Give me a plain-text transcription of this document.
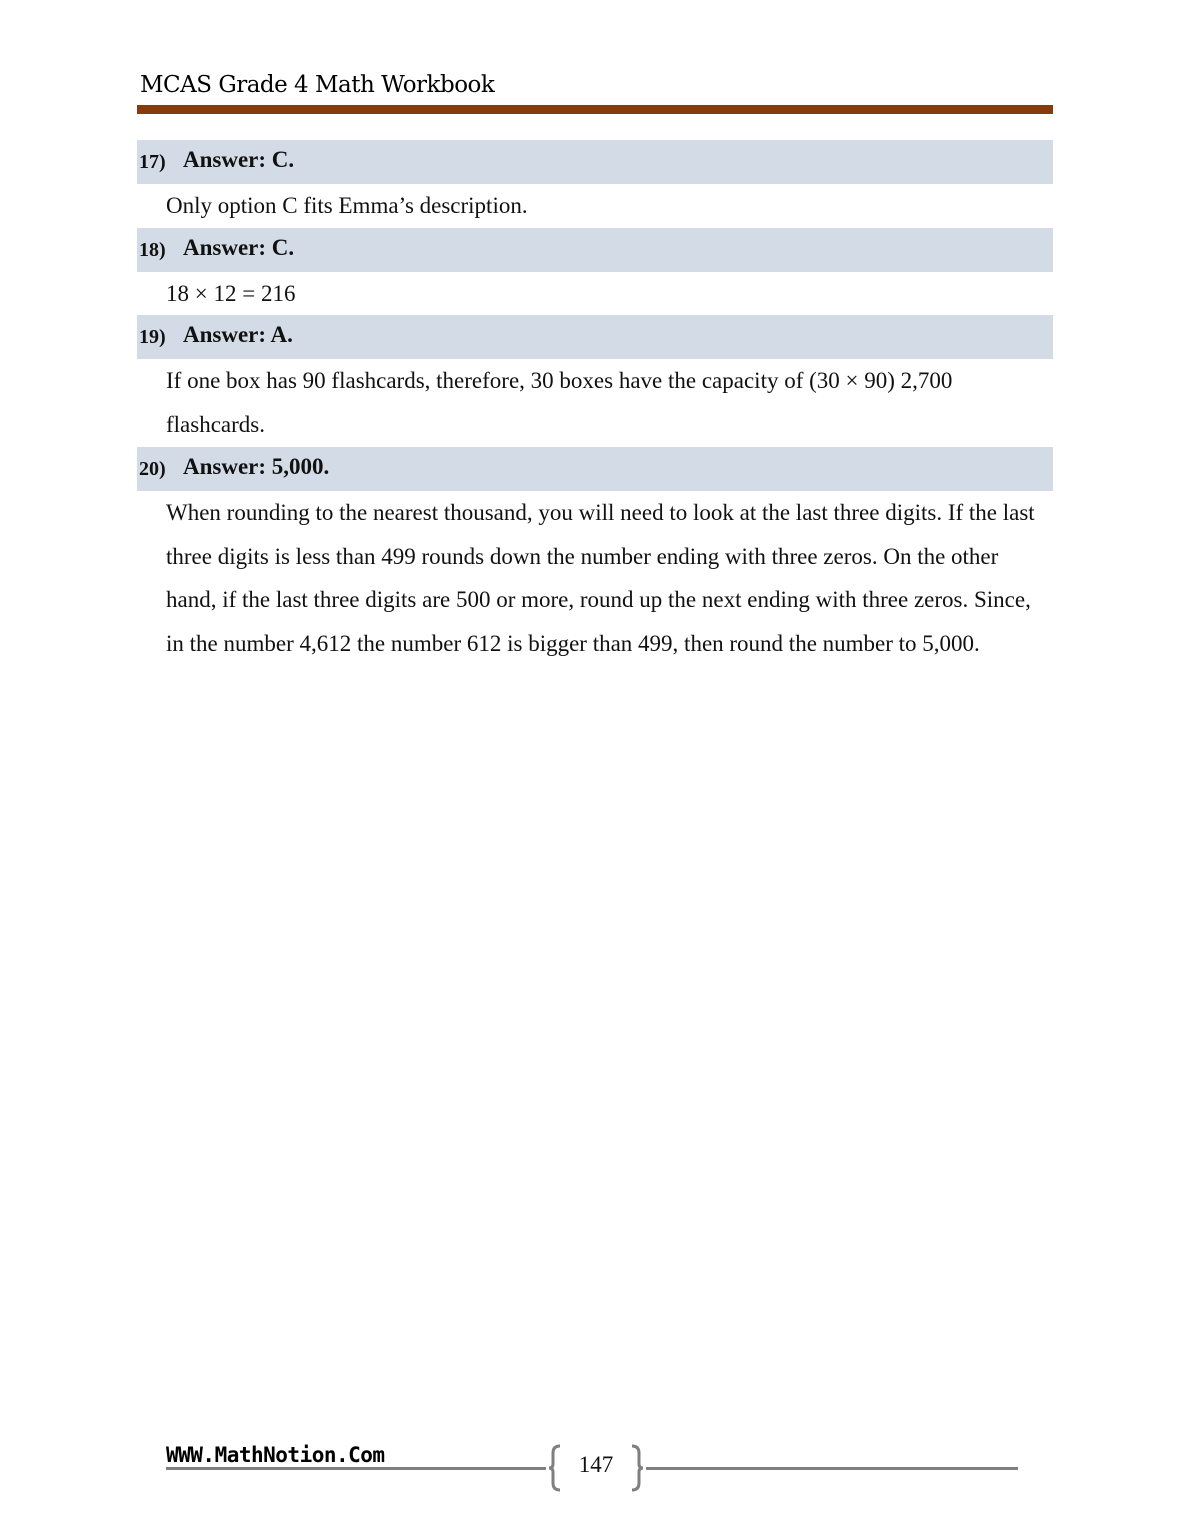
MCAS Grade 4 Math Workbook
17) Answer: C.

Only option C fits Emma’s description.

18) Answer: C.

18 × 12 = 216

19) Answer: A.

If one box has 90 flashcards, therefore, 30 boxes have the capacity of (30 × 90) 2,700 flashcards.

20) Answer: 5,000.

When rounding to the nearest thousand, you will need to look at the last three digits. If the last three digits is less than 499 rounds down the number ending with three zeros. On the other hand, if the last three digits are 500 or more, round up the next ending with three zeros. Since, in the number 4,612 the number 612 is bigger than 499, then round the number to 5,000.

WWW.MathNotion.Com	147
